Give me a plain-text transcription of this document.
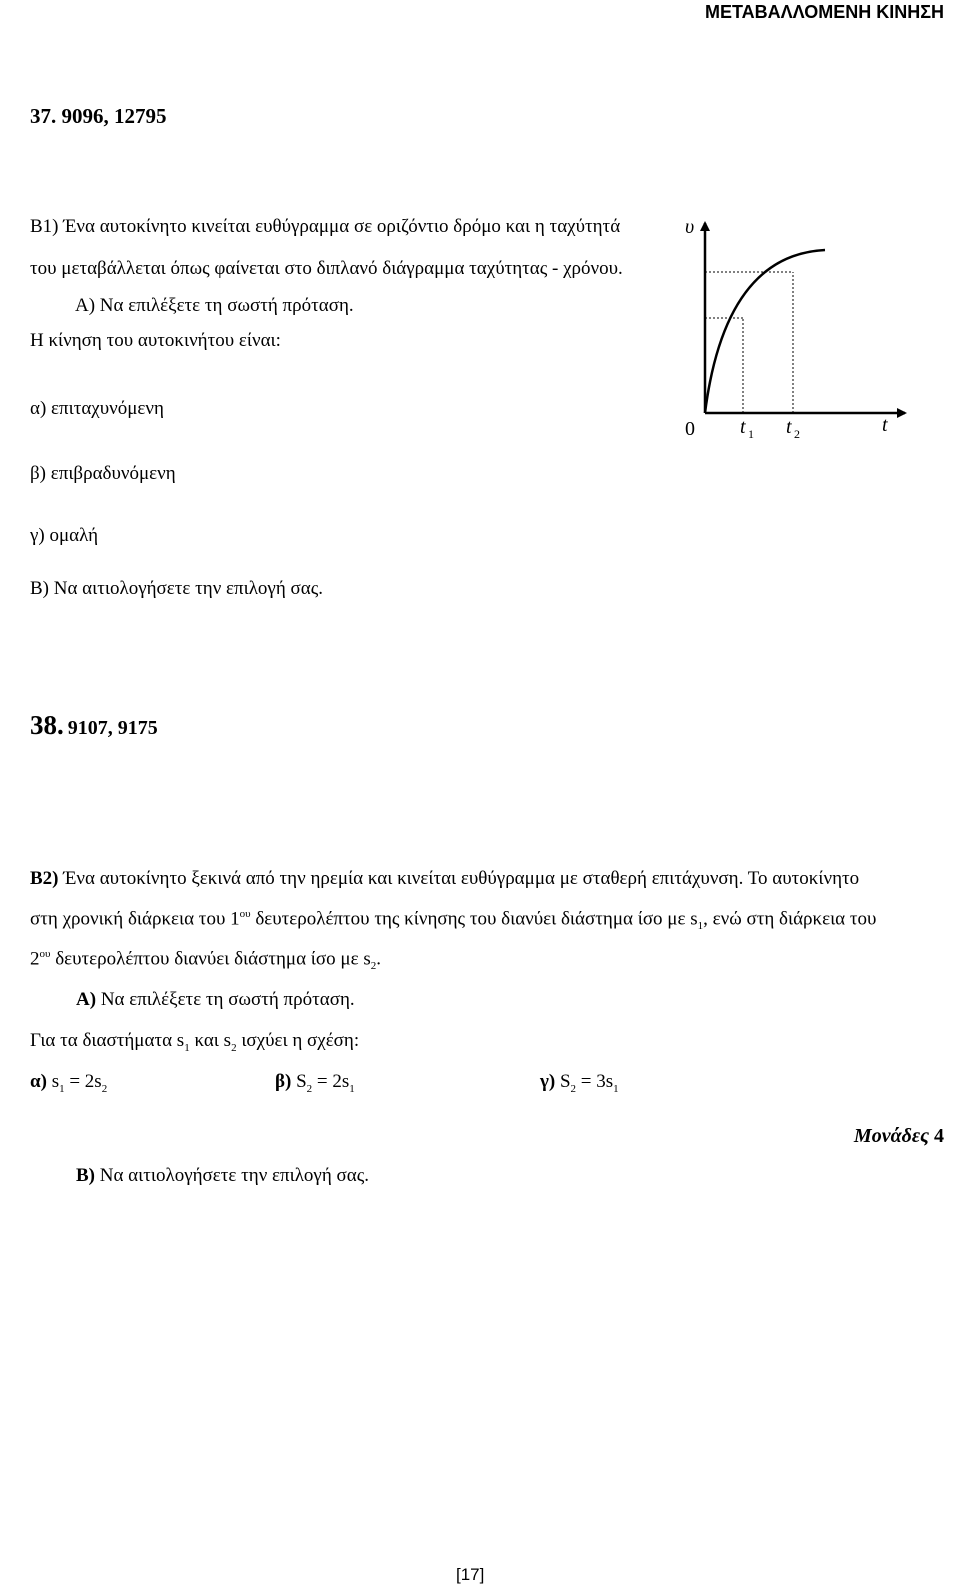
ΜΕΤΑΒΑΛΛΟΜΕΝΗ ΚΙΝΗΣΗ
37. 9096, 12795
Β1) Ένα αυτοκίνητο κινείται ευθύγραμμα σε οριζόντιο δρόμο και η ταχύτητά
του μεταβάλλεται όπως φαίνεται στο διπλανό διάγραμμα ταχύτητας - χρόνου.
Α) Να επιλέξετε τη σωστή πρόταση.
Η κίνηση του αυτοκινήτου είναι:
α) επιταχυνόμενη
β) επιβραδυνόμενη
γ) ομαλή
Β) Να αιτιολογήσετε την επιλογή σας.
υ
t
0 t 1 t 2
38. 9107, 9175
Β2) Ένα αυτοκίνητο ξεκινά από την ηρεμία και κινείται ευθύγραμμα με σταθερή επιτάχυνση. Το αυτοκίνητο
στη χρονική διάρκεια του $1^{o\upsilon}$ δευτερολέπτου της κίνησης του διανύει διάστημα ίσο με $s_1$, ενώ στη διάρκεια του
$2^{o\upsilon}$ δευτερολέπτου διανύει διάστημα ίσο με $s_2$.
Α) Να επιλέξετε τη σωστή πρόταση.
Για τα διαστήματα $s_1$ και $s_2$ ισχύει η σχέση:
α) $s_1 = 2s_2$	β) $S_2 = 2s_1$	γ) $S_2 = 3s_1$
Μονάδες 4
Β) Να αιτιολογήσετε την επιλογή σας.
[17]
